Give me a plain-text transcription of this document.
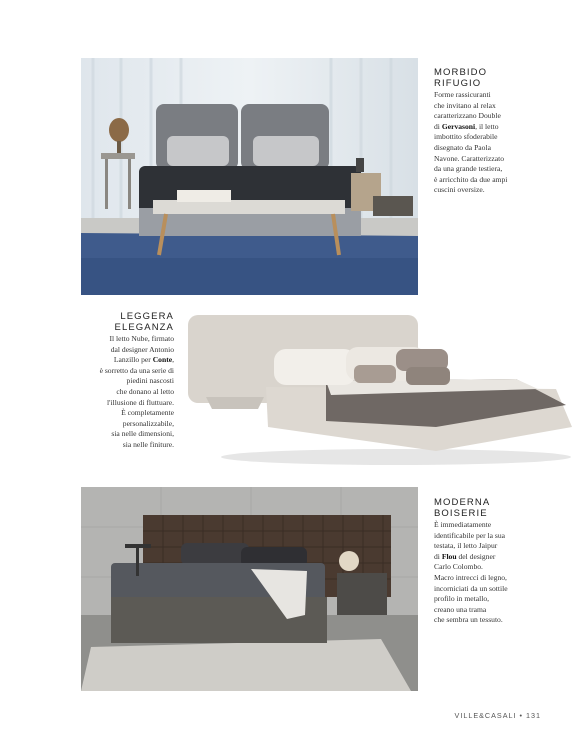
MORBIDO
RIFUGIO
Forme rassicuranti
che invitano al relax
caratterizzano Double
di Gervasoni, il letto
imbottito sfoderabile
disegnato da Paola
Navone. Caratterizzato
da una grande testiera,
è arricchito da due ampi
cuscini oversize.
LEGGERA
ELEGANZA
Il letto Nube, firmato
dal designer Antonio
Lanzillo per Conte,
è sorretto da una serie di
piedini nascosti
che donano al letto
l'illusione di fluttuare.
È completamente
personalizzabile,
sia nelle dimensioni,
sia nelle finiture.
MODERNA
BOISERIE
È immediatamente
identificabile per la sua
testata, il letto Jaipur
di Flou del designer
Carlo Colombo.
Macro intrecci di legno,
incorniciati da un sottile
profilo in metallo,
creano una trama
che sembra un tessuto.
VILLE&CASALI • 131
